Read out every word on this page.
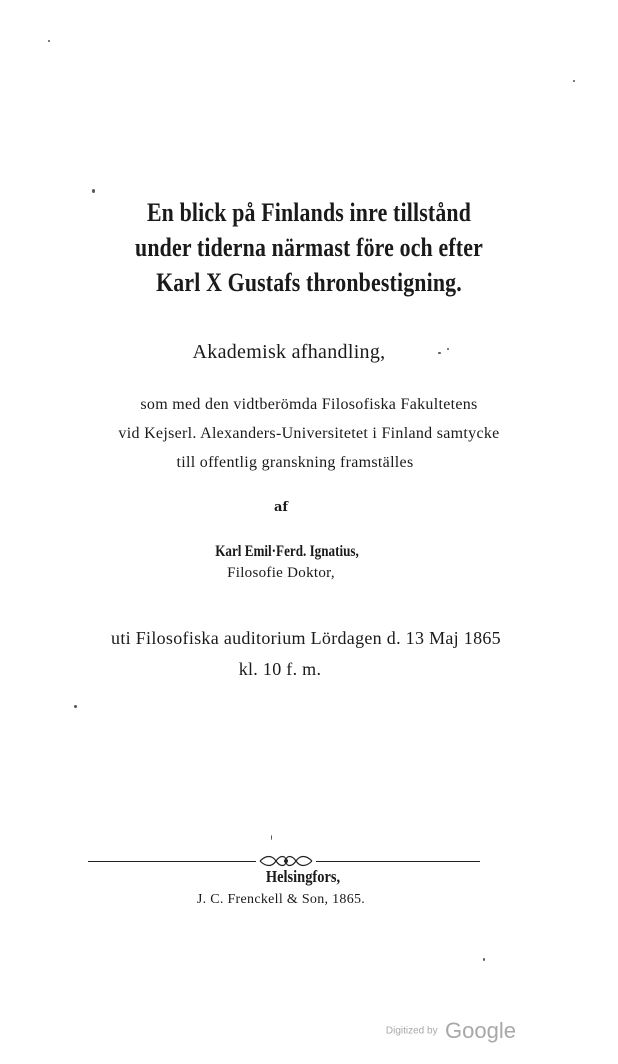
En blick på Finlands inre tillstånd
under tiderna närmast före och efter
Karl X Gustafs thronbestigning.
Akademisk afhandling,
som med den vidtberömda Filosofiska Fakultetens
vid Kejserl. Alexanders-Universitetet i Finland samtycke
till offentlig granskning framställes
af
Karl Emil·Ferd. Ignatius,
Filosofie Doktor,
uti Filosofiska auditorium Lördagen d. 13 Maj 1865
kl. 10 f. m.
Helsingfors,
J. C. Frenckell & Son, 1865.
Digitized by Google
